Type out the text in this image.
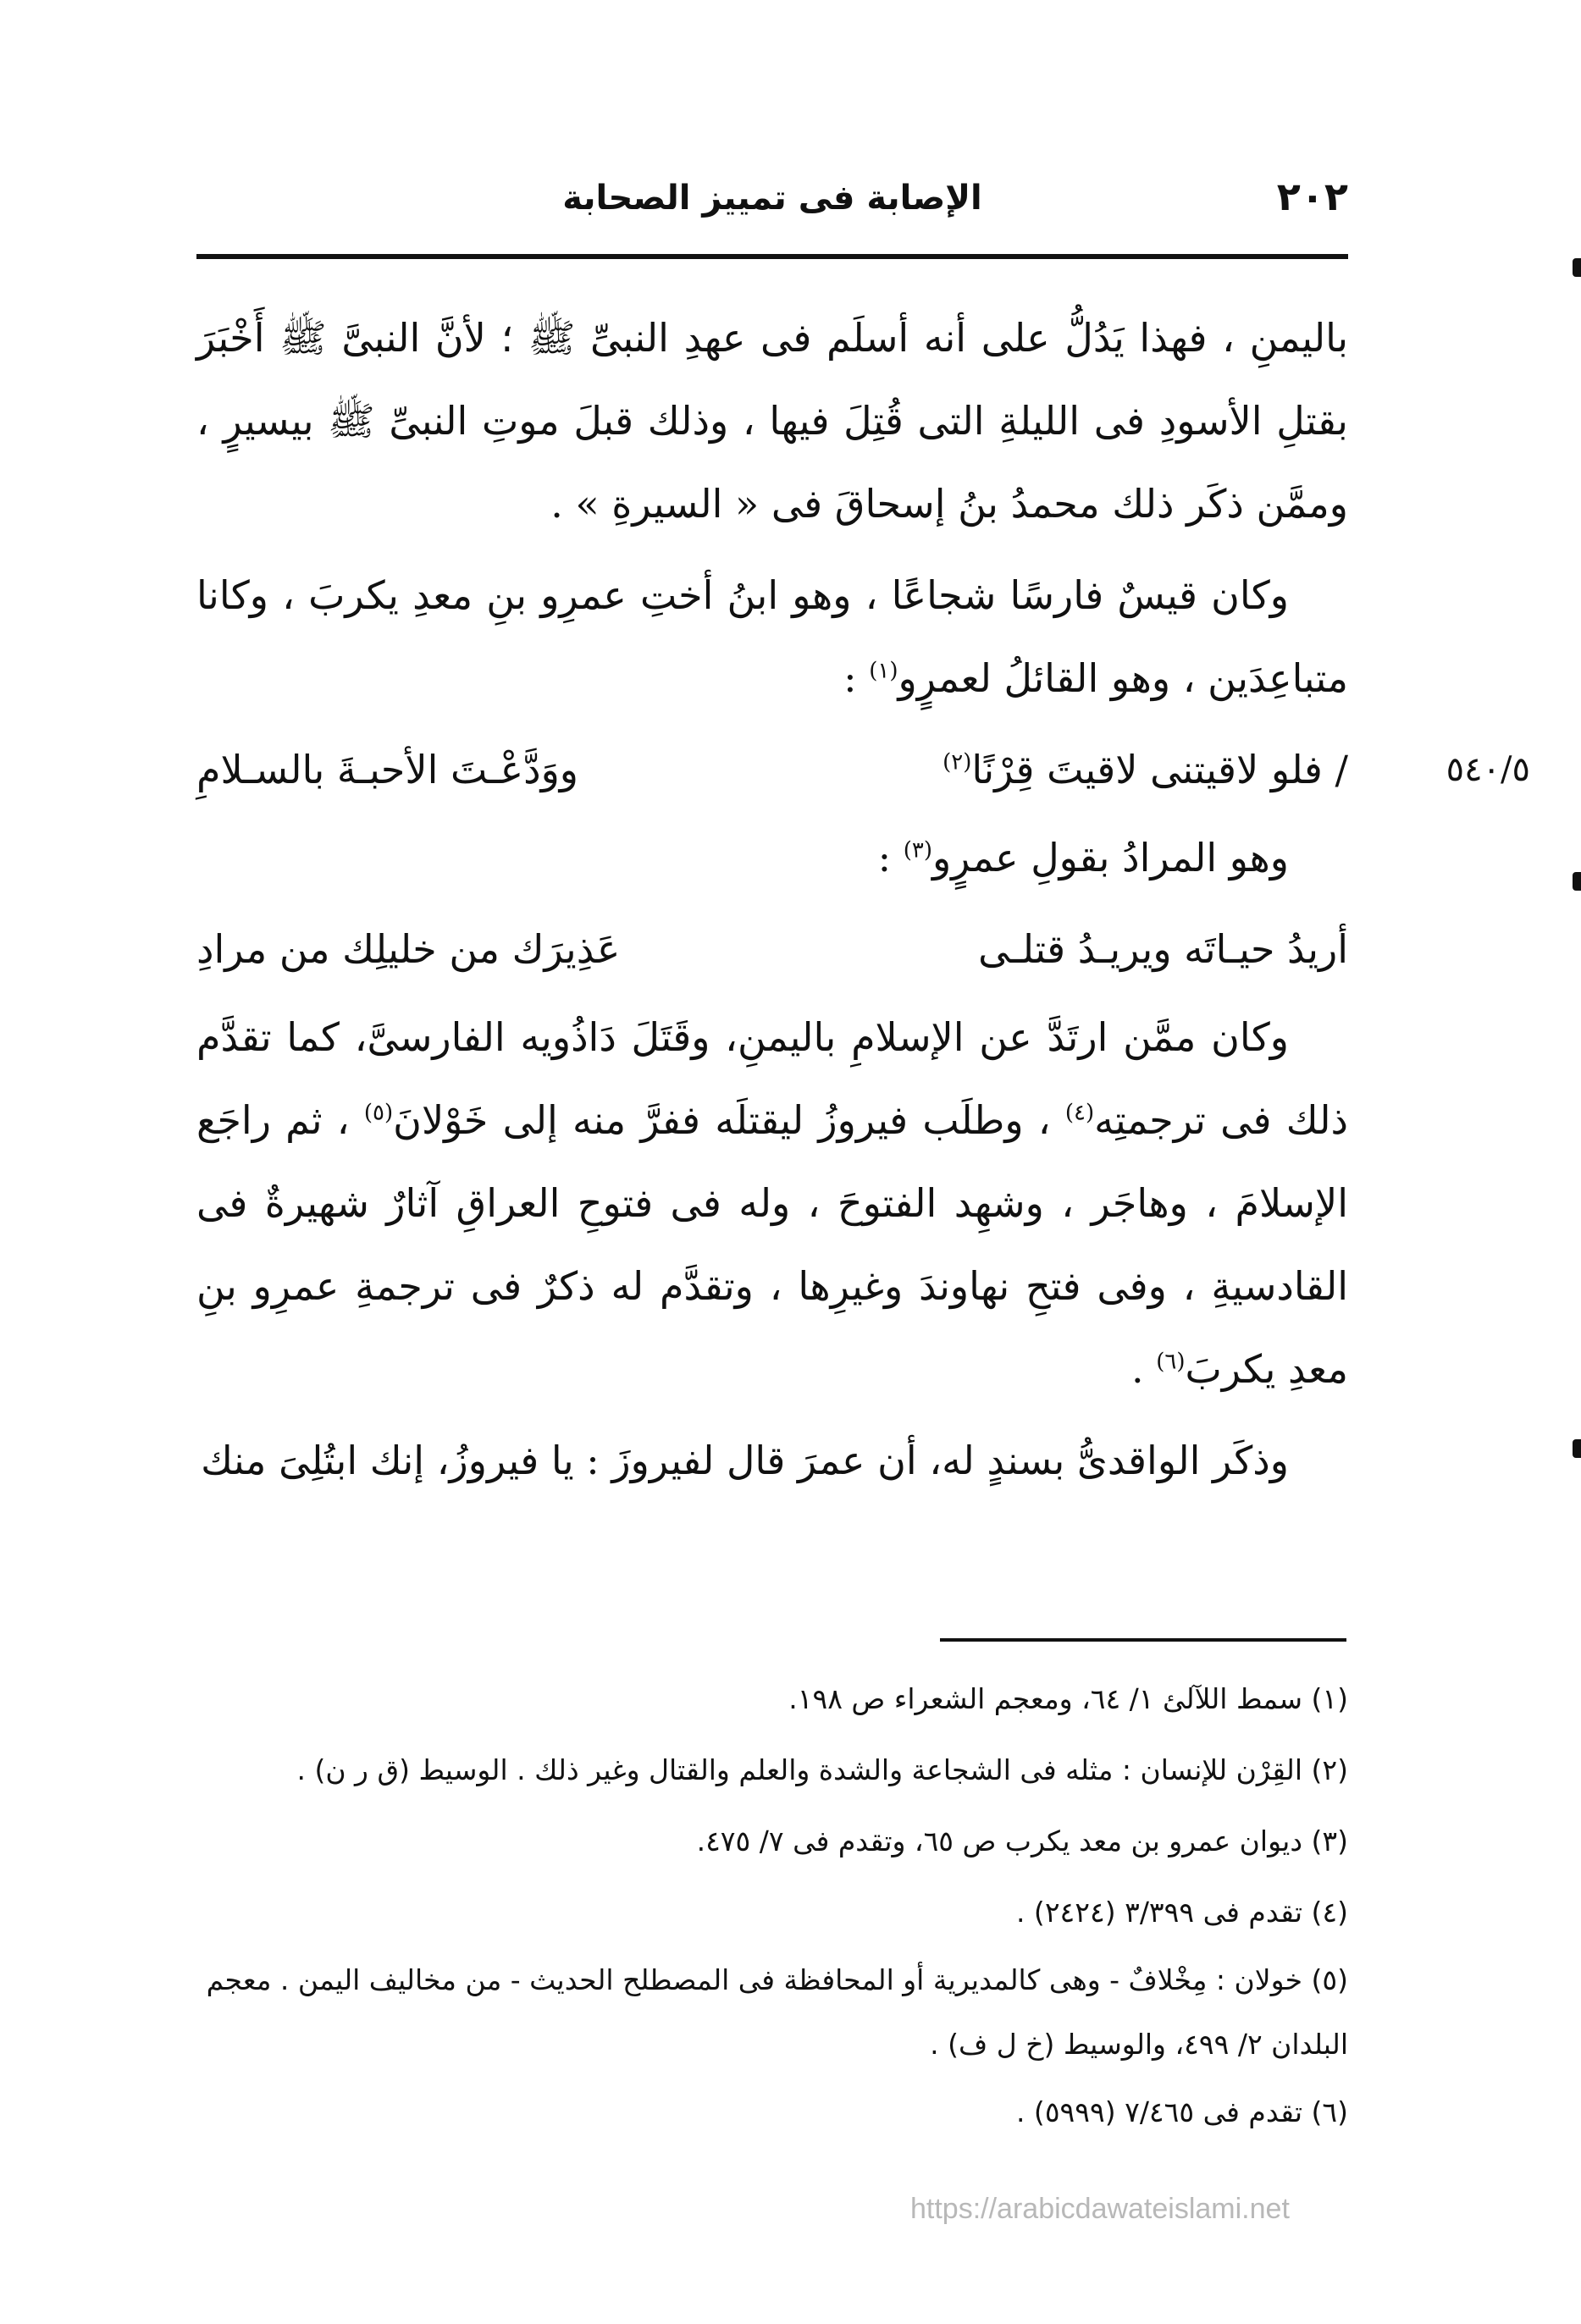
٢٠٢
الإصابة فى تمييز الصحابة

باليمنِ ، فهذا يَدُلُّ على أنه أسلَم فى عهدِ النبىِّ ﷺ ؛ لأنَّ النبىَّ ﷺ أَخْبَرَ بقتلِ الأسودِ فى الليلةِ التى قُتِلَ فيها ، وذلك قبلَ موتِ النبىِّ ﷺ بيسيرٍ ، وممَّن ذكَر ذلك محمدُ بنُ إسحاقَ فى « السيرةِ » .

وكان قيسٌ فارسًا شجاعًا ، وهو ابنُ أختِ عمرِو بنِ معدِ يكربَ ، وكانا متباعِدَين ، وهو القائلُ لعمرٍو$^{(١)}$ :

٥٤٠/٥
/ فلو لاقيتنى لاقيتَ قِرْنًا$^{(٢)}$
ووَدَّعْـتَ الأحبـةَ بالسـلامِ

وهو المرادُ بقولِ عمرٍو$^{(٣)}$ :

أريدُ حيـاتَه ويريـدُ قتلـى
عَذِيرَك من خليلِك من مرادِ

وكان ممَّن ارتَدَّ عن الإسلامِ باليمنِ، وقَتَلَ دَاذُويه الفارسىَّ، كما تقدَّم ذلك فى ترجمتِه$^{(٤)}$ ، وطلَب فيروزُ ليقتلَه ففرَّ منه إلى خَوْلانَ$^{(٥)}$ ، ثم راجَع الإسلامَ ، وهاجَر ، وشهِد الفتوحَ ، وله فى فتوحِ العراقِ آثارٌ شهيرةٌ فى القادسيةِ ، وفى فتحِ نهاوندَ وغيرِها ، وتقدَّم له ذكرٌ فى ترجمةِ عمرِو بنِ معدِ يكربَ$^{(٦)}$ .

وذكَر الواقدىُّ بسندٍ له، أن عمرَ قال لفيروزَ : يا فيروزُ، إنك ابتُلِىَ منك

(١) سمط اللآلئ ١/ ٦٤، ومعجم الشعراء ص ١٩٨.

(٢) القِرْن للإنسان : مثله فى الشجاعة والشدة والعلم والقتال وغير ذلك . الوسيط (ق ر ن) .

(٣) ديوان عمرو بن معد يكرب ص ٦٥، وتقدم فى ٧/ ٤٧٥.

(٤) تقدم فى ٣/٣٩٩ (٢٤٢٤) .

(٥) خولان : مِخْلافٌ - وهى كالمديرية أو المحافظة فى المصطلح الحديث - من مخاليف اليمن . معجم البلدان ٢/ ٤٩٩، والوسيط (خ ل ف) .

(٦) تقدم فى ٧/٤٦٥ (٥٩٩٩) .

https://arabicdawateislami.net
